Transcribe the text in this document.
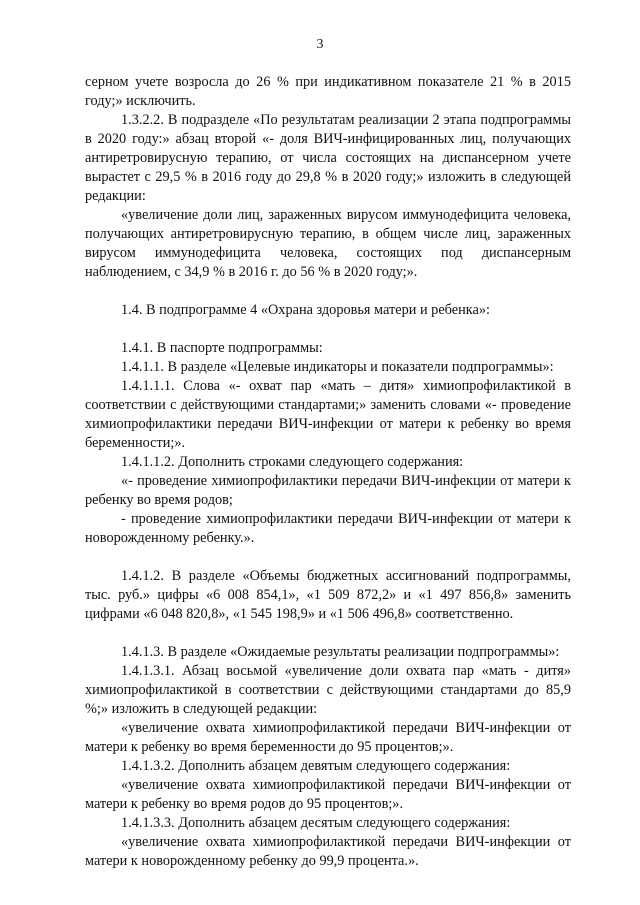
3

серном учете возросла до 26 % при индикативном показателе 21 % в 2015 году;» исключить.

1.3.2.2. В подразделе «По результатам реализации 2 этапа подпрограммы в 2020 году:» абзац второй «- доля ВИЧ-инфицированных лиц, получающих антиретровирусную терапию, от числа состоящих на диспансерном учете вырастет с 29,5 % в 2016 году до 29,8 % в 2020 году;» изложить в следующей редакции:

«увеличение доли лиц, зараженных вирусом иммунодефицита человека, получающих антиретровирусную терапию, в общем числе лиц, зараженных вирусом иммунодефицита человека, состоящих под диспансерным наблюдением, с 34,9 % в 2016 г. до 56 % в 2020 году;».

1.4. В подпрограмме 4 «Охрана здоровья матери и ребенка»:

1.4.1. В паспорте подпрограммы:

1.4.1.1. В разделе «Целевые индикаторы и показатели подпрограммы»:

1.4.1.1.1. Слова «- охват пар «мать – дитя» химиопрофилактикой в соответствии с действующими стандартами;» заменить словами «- проведение химиопрофилактики передачи ВИЧ-инфекции от матери к ребенку во время беременности;».

1.4.1.1.2. Дополнить строками следующего содержания:

«- проведение химиопрофилактики передачи ВИЧ-инфекции от матери к ребенку во время родов;

- проведение химиопрофилактики передачи ВИЧ-инфекции от матери к новорожденному ребенку.».

1.4.1.2. В разделе «Объемы бюджетных ассигнований подпрограммы, тыс. руб.» цифры «6 008 854,1», «1 509 872,2» и «1 497 856,8» заменить цифрами «6 048 820,8», «1 545 198,9» и «1 506 496,8» соответственно.

1.4.1.3. В разделе «Ожидаемые результаты реализации подпрограммы»:

1.4.1.3.1. Абзац восьмой «увеличение доли охвата пар «мать - дитя» химиопрофилактикой в соответствии с действующими стандартами до 85,9 %;» изложить в следующей редакции:

«увеличение охвата химиопрофилактикой передачи ВИЧ-инфекции от матери к ребенку во время беременности до 95 процентов;».

1.4.1.3.2. Дополнить абзацем девятым следующего содержания:

«увеличение охвата химиопрофилактикой передачи ВИЧ-инфекции от матери к ребенку во время родов до 95 процентов;».

1.4.1.3.3. Дополнить абзацем десятым следующего содержания:

«увеличение охвата химиопрофилактикой передачи ВИЧ-инфекции от матери к новорожденному ребенку до 99,9 процента.».
